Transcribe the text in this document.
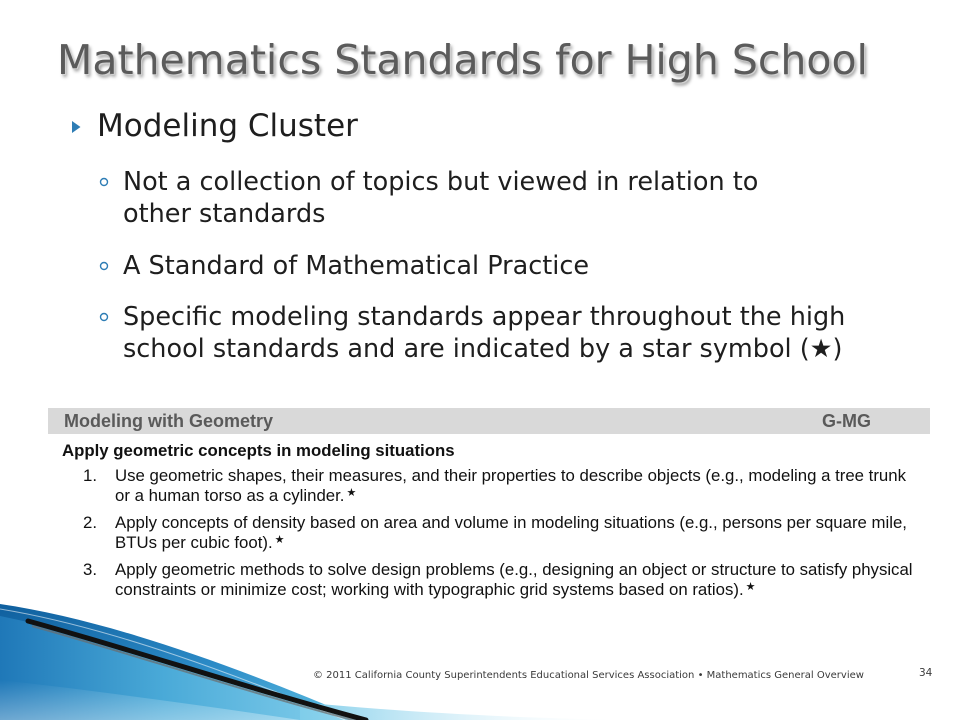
Mathematics Standards for High School
Modeling Cluster
Not a collection of topics but viewed in relation to
other standards
A Standard of Mathematical Practice
Specific modeling standards appear throughout the high
school standards and are indicated by a star symbol (★)
Modeling with Geometry	G-MG
Apply geometric concepts in modeling situations
1. Use geometric shapes, their measures, and their properties to describe objects (e.g., modeling a tree trunk
or a human torso as a cylinder. ★
2. Apply concepts of density based on area and volume in modeling situations (e.g., persons per square mile,
BTUs per cubic foot). ★
3. Apply geometric methods to solve design problems (e.g., designing an object or structure to satisfy physical
constraints or minimize cost; working with typographic grid systems based on ratios). ★
© 2011 California County Superintendents Educational Services Association • Mathematics General Overview	34
